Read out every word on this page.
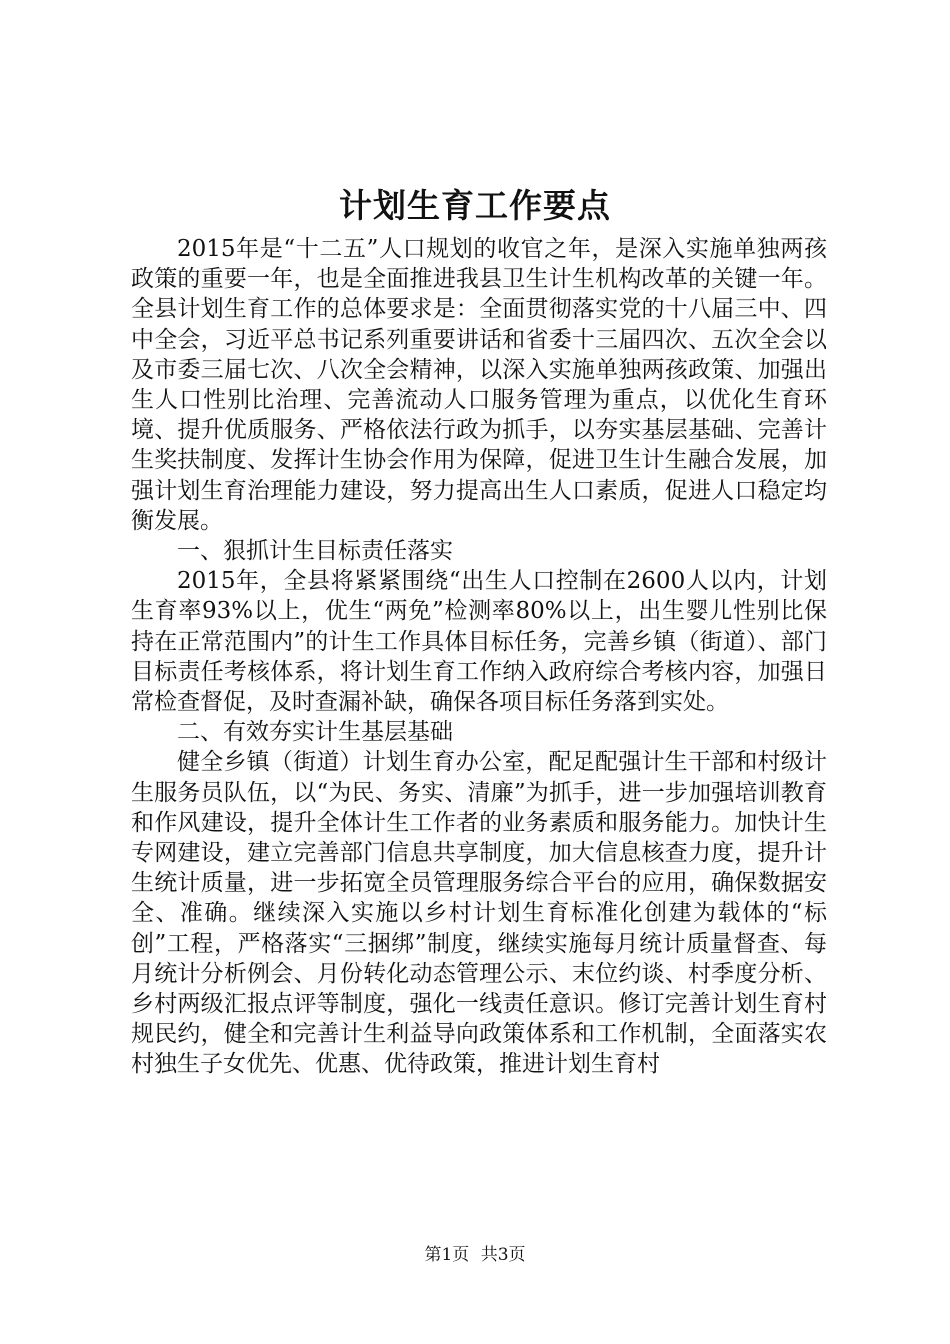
计划生育工作要点

2015年是“十二五”人口规划的收官之年，是深入实施单独两孩政策的重要一年，也是全面推进我县卫生计生机构改革的关键一年。全县计划生育工作的总体要求是：全面贯彻落实党的十八届三中、四中全会，习近平总书记系列重要讲话和省委十三届四次、五次全会以及市委三届七次、八次全会精神，以深入实施单独两孩政策、加强出生人口性别比治理、完善流动人口服务管理为重点，以优化生育环境、提升优质服务、严格依法行政为抓手，以夯实基层基础、完善计生奖扶制度、发挥计生协会作用为保障，促进卫生计生融合发展，加强计划生育治理能力建设，努力提高出生人口素质，促进人口稳定均衡发展。

一、狠抓计生目标责任落实

2015年，全县将紧紧围绕“出生人口控制在2600人以内，计划生育率93%以上，优生“两免”检测率80%以上，出生婴儿性别比保持在正常范围内”的计生工作具体目标任务，完善乡镇（街道）、部门目标责任考核体系，将计划生育工作纳入政府综合考核内容，加强日常检查督促，及时查漏补缺，确保各项目标任务落到实处。

二、有效夯实计生基层基础

健全乡镇（街道）计划生育办公室，配足配强计生干部和村级计生服务员队伍，以“为民、务实、清廉”为抓手，进一步加强培训教育和作风建设，提升全体计生工作者的业务素质和服务能力。加快计生专网建设，建立完善部门信息共享制度，加大信息核查力度，提升计生统计质量，进一步拓宽全员管理服务综合平台的应用，确保数据安全、准确。继续深入实施以乡村计划生育标准化创建为载体的“标创”工程，严格落实“三捆绑”制度，继续实施每月统计质量督查、每月统计分析例会、月份转化动态管理公示、末位约谈、村季度分析、乡村两级汇报点评等制度，强化一线责任意识。修订完善计划生育村规民约，健全和完善计生利益导向政策体系和工作机制，全面落实农村独生子女优先、优惠、优待政策，推进计划生育村

第1页 共3页
